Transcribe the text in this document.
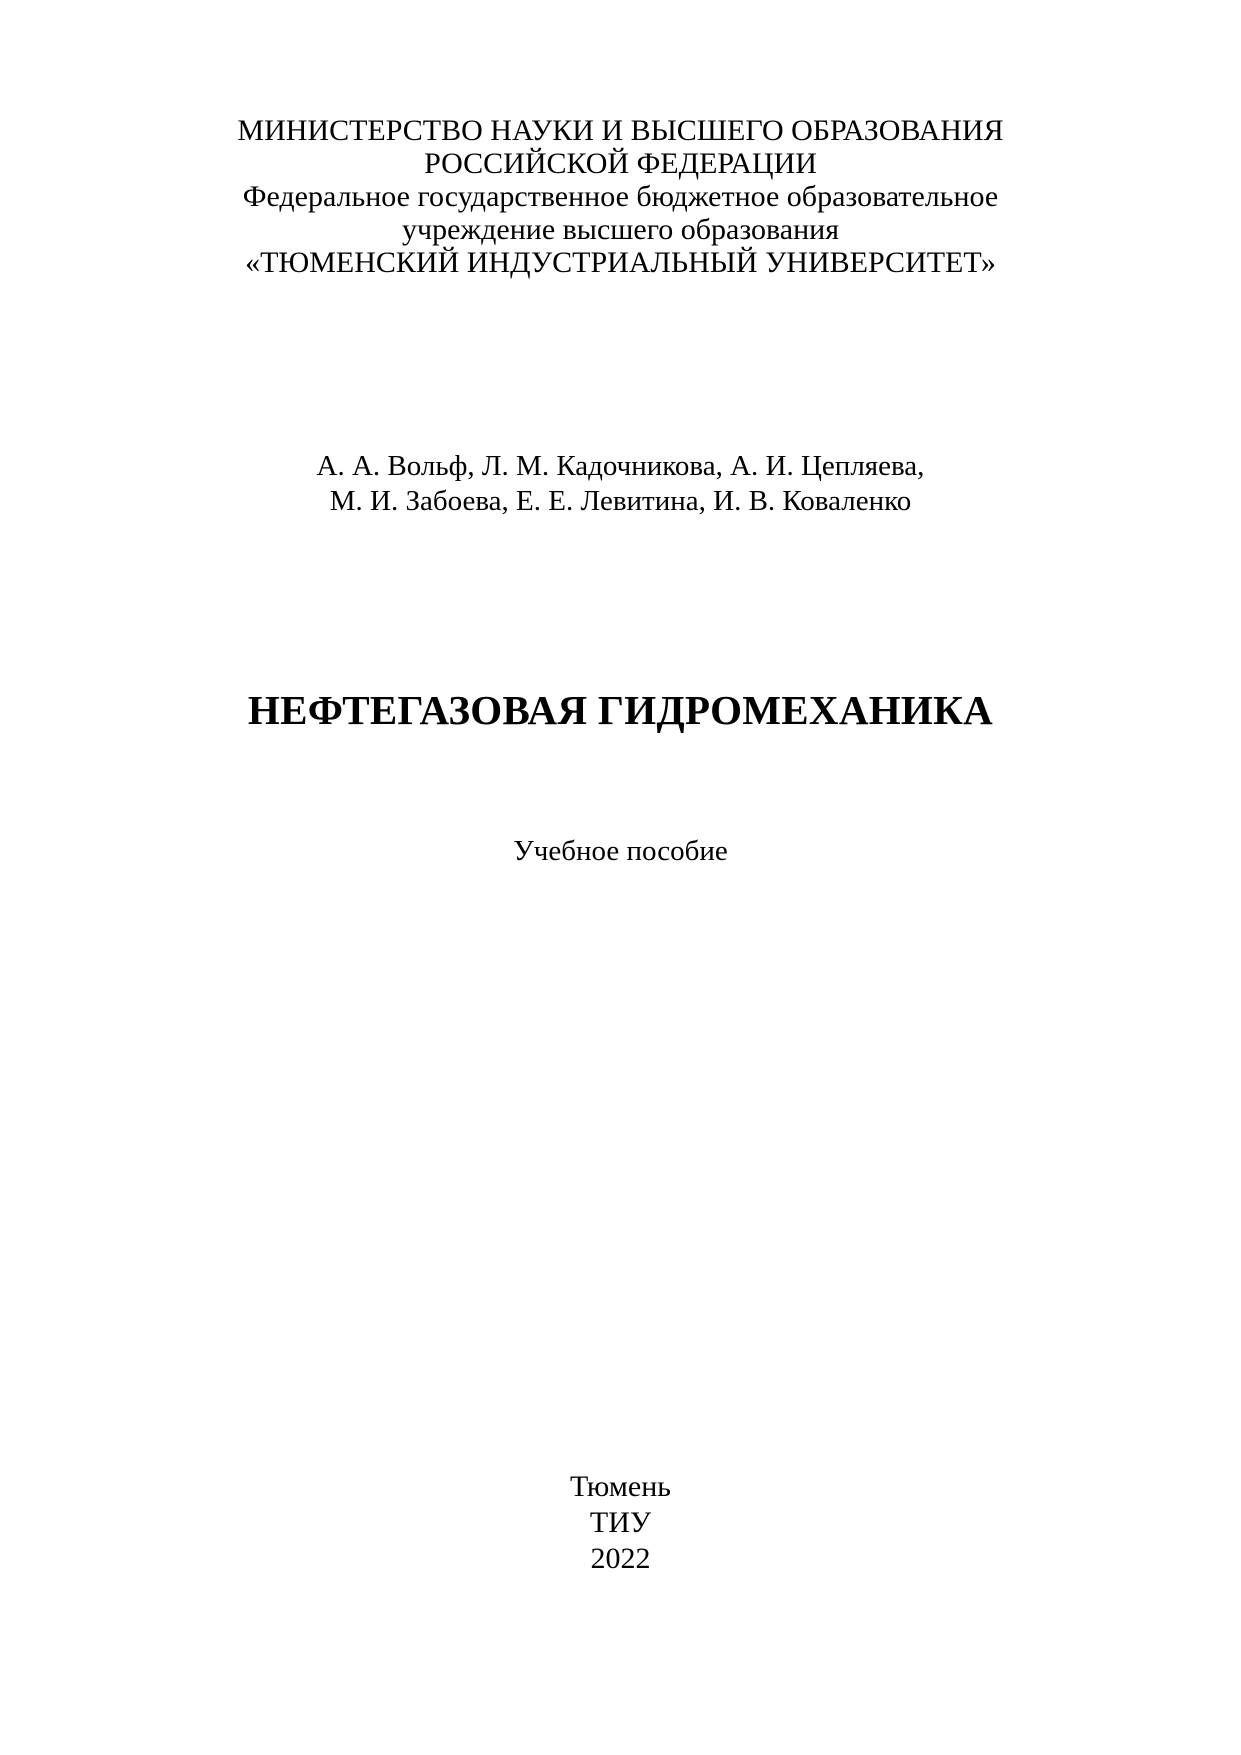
МИНИСТЕРСТВО НАУКИ И ВЫСШЕГО ОБРАЗОВАНИЯ
РОССИЙСКОЙ ФЕДЕРАЦИИ
Федеральное государственное бюджетное образовательное
учреждение высшего образования
«ТЮМЕНСКИЙ ИНДУСТРИАЛЬНЫЙ УНИВЕРСИТЕТ»
А. А. Вольф, Л. М. Кадочникова, А. И. Цепляева,
М. И. Забоева, Е. Е. Левитина, И. В. Коваленко
НЕФТЕГАЗОВАЯ ГИДРОМЕХАНИКА
Учебное пособие
Тюмень
ТИУ
2022
